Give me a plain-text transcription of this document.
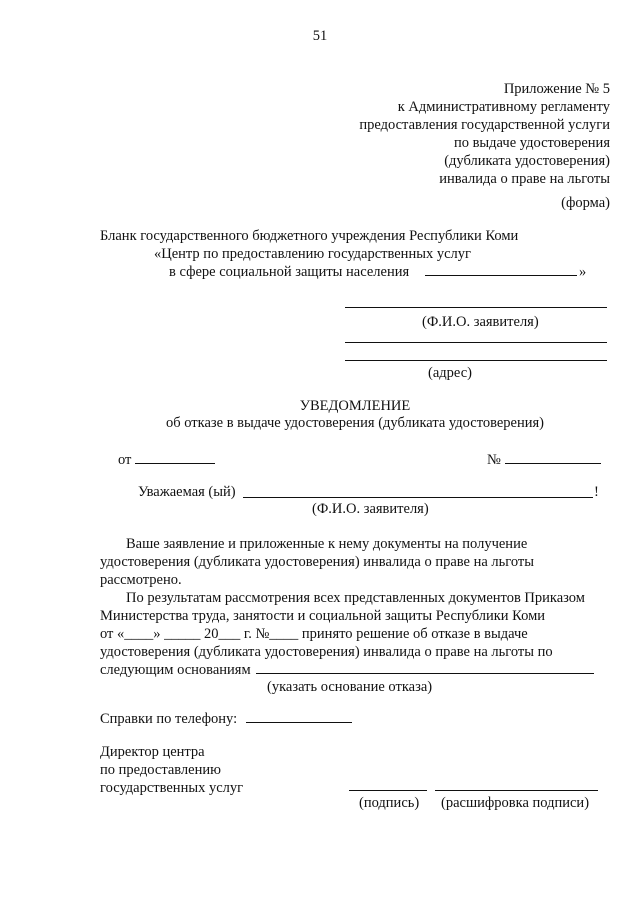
51
Приложение № 5
к Административному регламенту
предоставления государственной услуги
по выдаче удостоверения
(дубликата удостоверения)
инвалида о праве на льготы
(форма)
Бланк государственного бюджетного учреждения Республики Коми
«Центр по предоставлению государственных услуг
в сфере социальной защиты населения	»
(Ф.И.О. заявителя)
(адрес)
УВЕДОМЛЕНИЕ
об отказе в выдаче удостоверения (дубликата удостоверения)
от	№
Уважаемая (ый)	!
(Ф.И.О. заявителя)
Ваше заявление и приложенные к нему документы на получение
удостоверения (дубликата удостоверения) инвалида о праве на льготы
рассмотрено.
По результатам рассмотрения всех представленных документов Приказом
Министерства труда, занятости и социальной защиты Республики Коми
от «____» _____ 20___ г. №____ принято решение об отказе в выдаче
удостоверения (дубликата удостоверения) инвалида о праве на льготы по
следующим основаниям
(указать основание отказа)
Справки по телефону:
Директор центра
по предоставлению
государственных услуг
(подпись) (расшифровка подписи)
